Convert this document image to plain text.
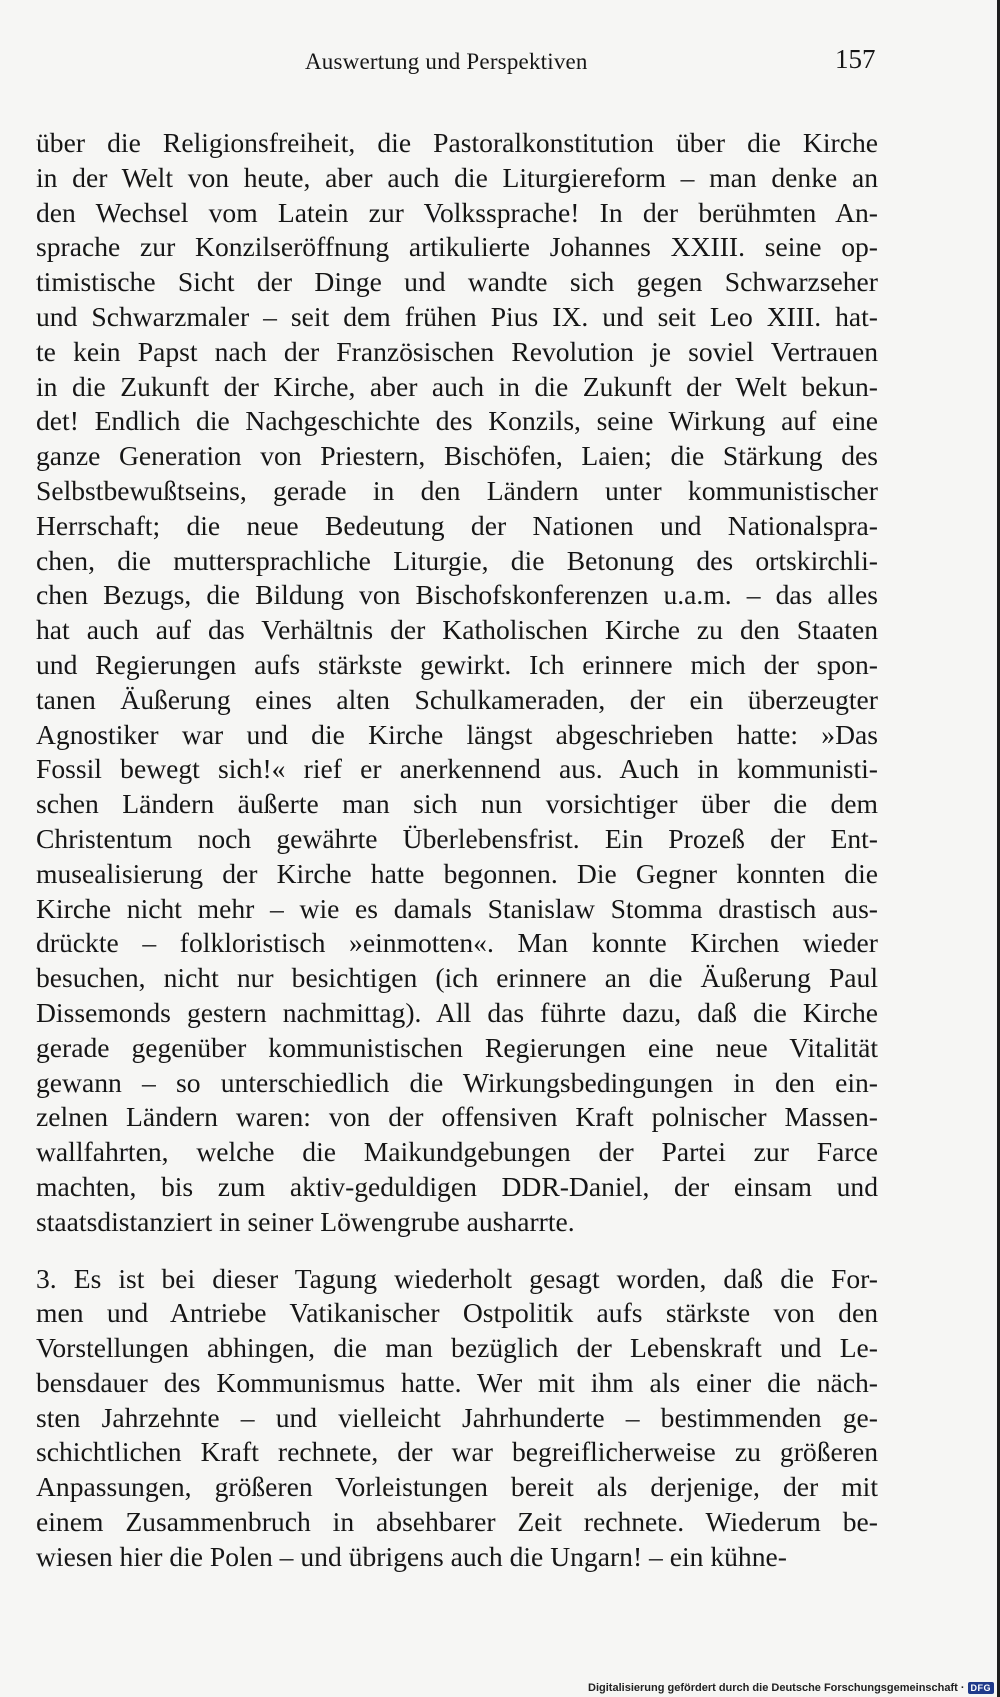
Auswertung und Perspektiven	157
über die Religionsfreiheit, die Pastoralkonstitution über die Kirche
in der Welt von heute, aber auch die Liturgiereform – man denke an
den Wechsel vom Latein zur Volkssprache! In der berühmten An-
sprache zur Konzilseröffnung artikulierte Johannes XXIII. seine op-
timistische Sicht der Dinge und wandte sich gegen Schwarzseher
und Schwarzmaler – seit dem frühen Pius IX. und seit Leo XIII. hat-
te kein Papst nach der Französischen Revolution je soviel Vertrauen
in die Zukunft der Kirche, aber auch in die Zukunft der Welt bekun-
det! Endlich die Nachgeschichte des Konzils, seine Wirkung auf eine
ganze Generation von Priestern, Bischöfen, Laien; die Stärkung des
Selbstbewußtseins, gerade in den Ländern unter kommunistischer
Herrschaft; die neue Bedeutung der Nationen und Nationalspra-
chen, die muttersprachliche Liturgie, die Betonung des ortskirchli-
chen Bezugs, die Bildung von Bischofskonferenzen u.a.m. – das alles
hat auch auf das Verhältnis der Katholischen Kirche zu den Staaten
und Regierungen aufs stärkste gewirkt. Ich erinnere mich der spon-
tanen Äußerung eines alten Schulkameraden, der ein überzeugter
Agnostiker war und die Kirche längst abgeschrieben hatte: »Das
Fossil bewegt sich!« rief er anerkennend aus. Auch in kommunisti-
schen Ländern äußerte man sich nun vorsichtiger über die dem
Christentum noch gewährte Überlebensfrist. Ein Prozeß der Ent-
musealisierung der Kirche hatte begonnen. Die Gegner konnten die
Kirche nicht mehr – wie es damals Stanislaw Stomma drastisch aus-
drückte – folkloristisch »einmotten«. Man konnte Kirchen wieder
besuchen, nicht nur besichtigen (ich erinnere an die Äußerung Paul
Dissemonds gestern nachmittag). All das führte dazu, daß die Kirche
gerade gegenüber kommunistischen Regierungen eine neue Vitalität
gewann – so unterschiedlich die Wirkungsbedingungen in den ein-
zelnen Ländern waren: von der offensiven Kraft polnischer Massen-
wallfahrten, welche die Maikundgebungen der Partei zur Farce
machten, bis zum aktiv-geduldigen DDR-Daniel, der einsam und
staatsdistanziert in seiner Löwengrube ausharrte.
3. Es ist bei dieser Tagung wiederholt gesagt worden, daß die For-
men und Antriebe Vatikanischer Ostpolitik aufs stärkste von den
Vorstellungen abhingen, die man bezüglich der Lebenskraft und Le-
bensdauer des Kommunismus hatte. Wer mit ihm als einer die näch-
sten Jahrzehnte – und vielleicht Jahrhunderte – bestimmenden ge-
schichtlichen Kraft rechnete, der war begreiflicherweise zu größeren
Anpassungen, größeren Vorleistungen bereit als derjenige, der mit
einem Zusammenbruch in absehbarer Zeit rechnete. Wiederum be-
wiesen hier die Polen – und übrigens auch die Ungarn! – ein kühne-
Digitalisierung gefördert durch die Deutsche Forschungsgemeinschaft · DFG
